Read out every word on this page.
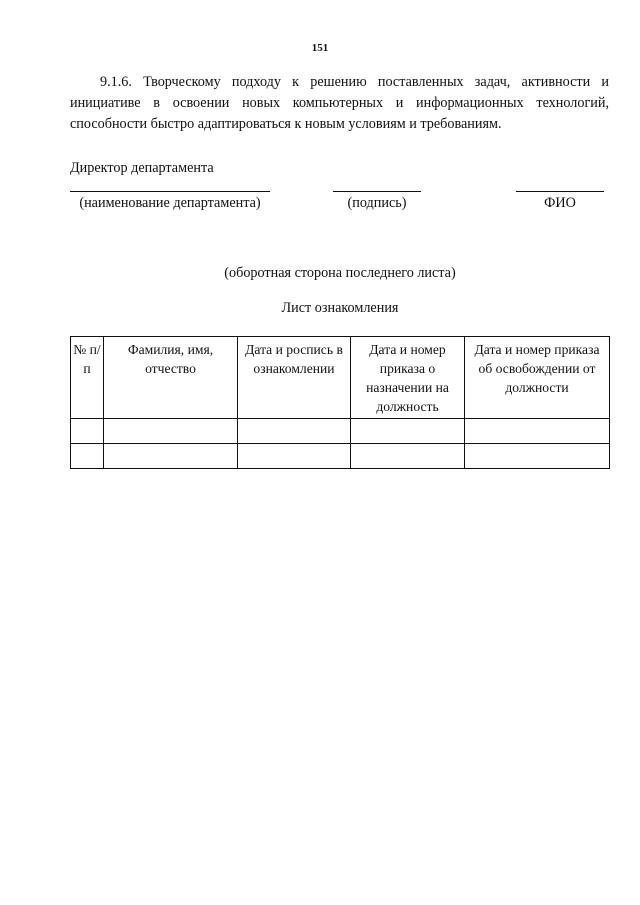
151

9.1.6. Творческому подходу к решению поставленных задач, активности и инициативе в освоении новых компьютерных и информационных технологий, способности быстро адаптироваться к новым условиям и требованиям.

Директор департамента
(наименование департамента)	(подпись)	ФИО
(оборотная сторона последнего листа)
Лист ознакомления
№ п/п	Фамилия, имя, отчество	Дата и роспись в ознакомлении	Дата и номер приказа о назначении на должность	Дата и номер приказа об освобождении от должности
